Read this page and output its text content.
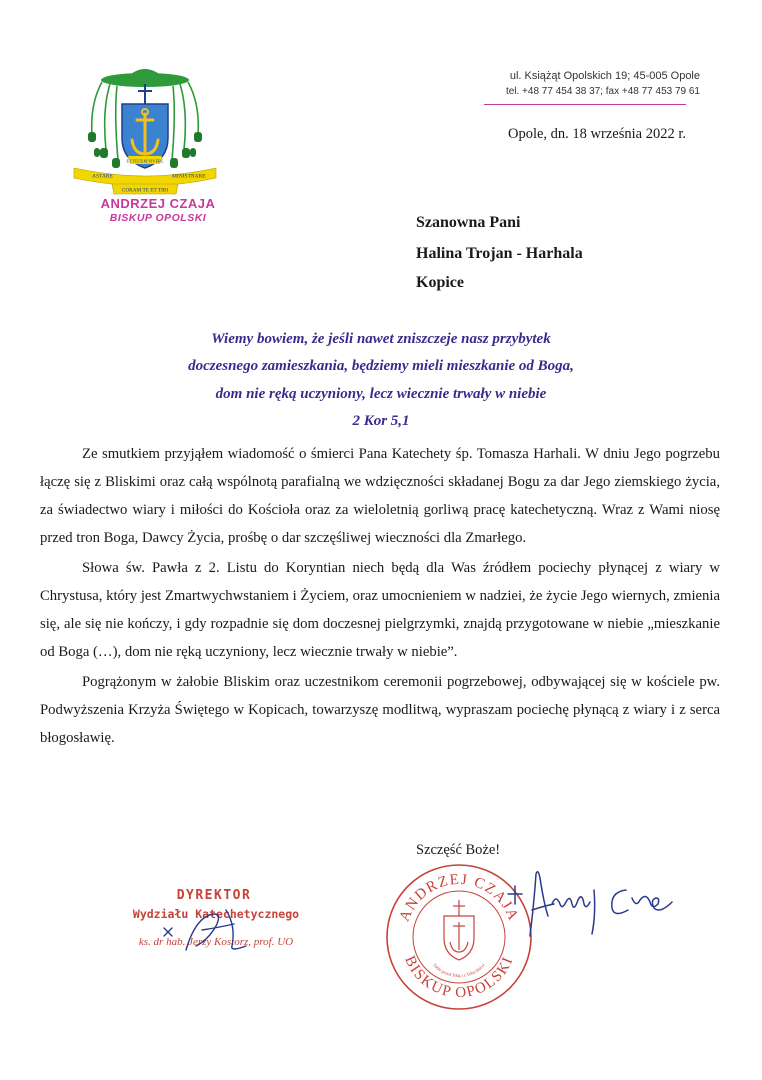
ET TECUM VIVERE
ASTARE	MINISTRARE
CORAM TE ET TIBI
ANDRZEJ CZAJA
BISKUP OPOLSKI
ul. Książąt Opolskich 19; 45-005 Opole
tel. +48 77 454 38 37; fax +48 77 453 79 61
Opole, dn. 18 września 2022 r.
Szanowna Pani
Halina Trojan - Harhala
Kopice
Wiemy bowiem, że jeśli nawet zniszczeje nasz przybytek
doczesnego zamieszkania, będziemy mieli mieszkanie od Boga,
dom nie ręką uczyniony, lecz wiecznie trwały w niebie
2 Kor 5,1

Ze smutkiem przyjąłem wiadomość o śmierci Pana Katechety śp. Tomasza Harhali. W dniu Jego pogrzebu łączę się z Bliskimi oraz całą wspólnotą parafialną we wdzięczności składanej Bogu za dar Jego ziemskiego życia, za świadectwo wiary i miłości do Kościoła oraz za wieloletnią gorliwą pracę katechetyczną. Wraz z Wami niosę przed tron Boga, Dawcy Życia, prośbę o dar szczęśliwej wieczności dla Zmarłego.

Słowa św. Pawła z 2. Listu do Koryntian niech będą dla Was źródłem pociechy płynącej z wiary w Chrystusa, który jest Zmartwychwstaniem i Życiem, oraz umocnieniem w nadziei, że życie Jego wiernych, zmienia się, ale się nie kończy, i gdy rozpadnie się dom doczesnej pielgrzymki, znajdą przygotowane w niebie „mieszkanie od Boga (…), dom nie ręką uczyniony, lecz wiecznie trwały w niebie”.

Pogrążonym w żałobie Bliskim oraz uczestnikom ceremonii pogrzebowej, odbywającej się w kościele pw. Podwyższenia Krzyża Świętego w Kopicach, towarzyszę modlitwą, wypraszam pociechę płynącą z wiary i z serca błogosławię.

Szczęść Boże!
DYREKTOR
Wydziału Katechetycznego
ks. dr hab. Jerzy Kostorz, prof. UO
ANDRZEJ CZAJA
BISKUP OPOLSKI
Tobie przed Tobą i z Tobą służyć
